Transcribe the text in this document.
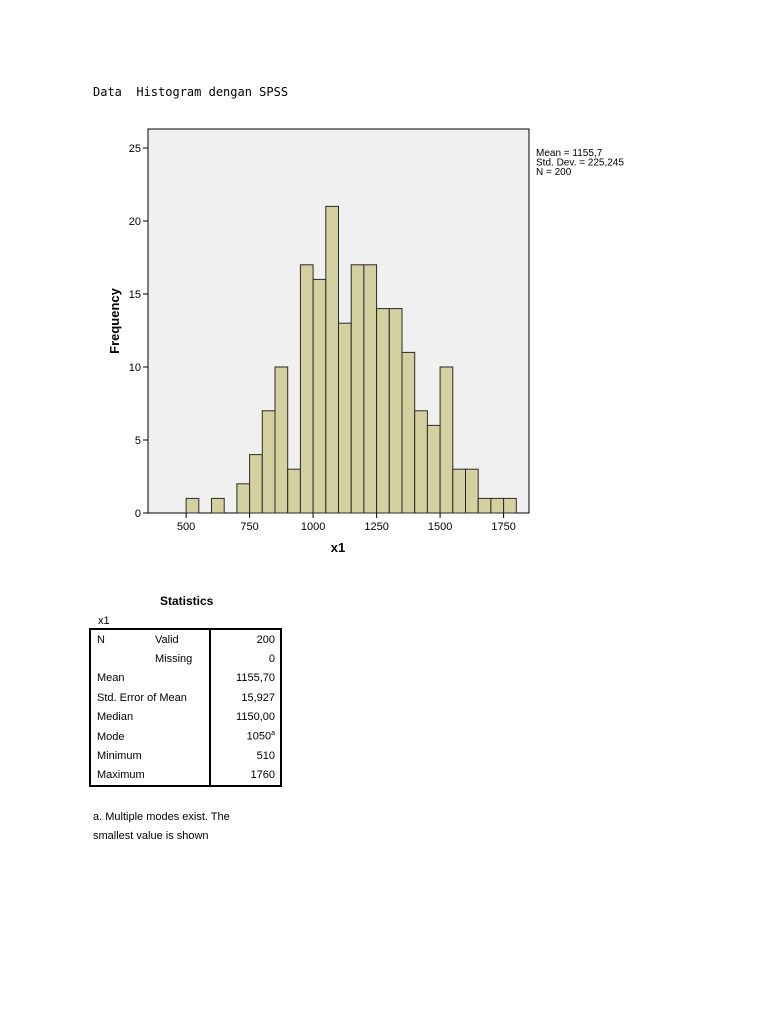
Data  Histogram dengan SPSS
0
5
10
15
20
25
500	750	1000	1250	1500	1750
Frequency
x1
Mean = 1155,7
Std. Dev. = 225,245
N = 200
Statistics
x1
N Valid	200
Missing	0
Mean	1155,70
Std. Error of Mean	15,927
Median	1150,00
Mode	1050$^a$
Minimum	510
Maximum	1760
a. Multiple modes exist. The smallest value is shown
